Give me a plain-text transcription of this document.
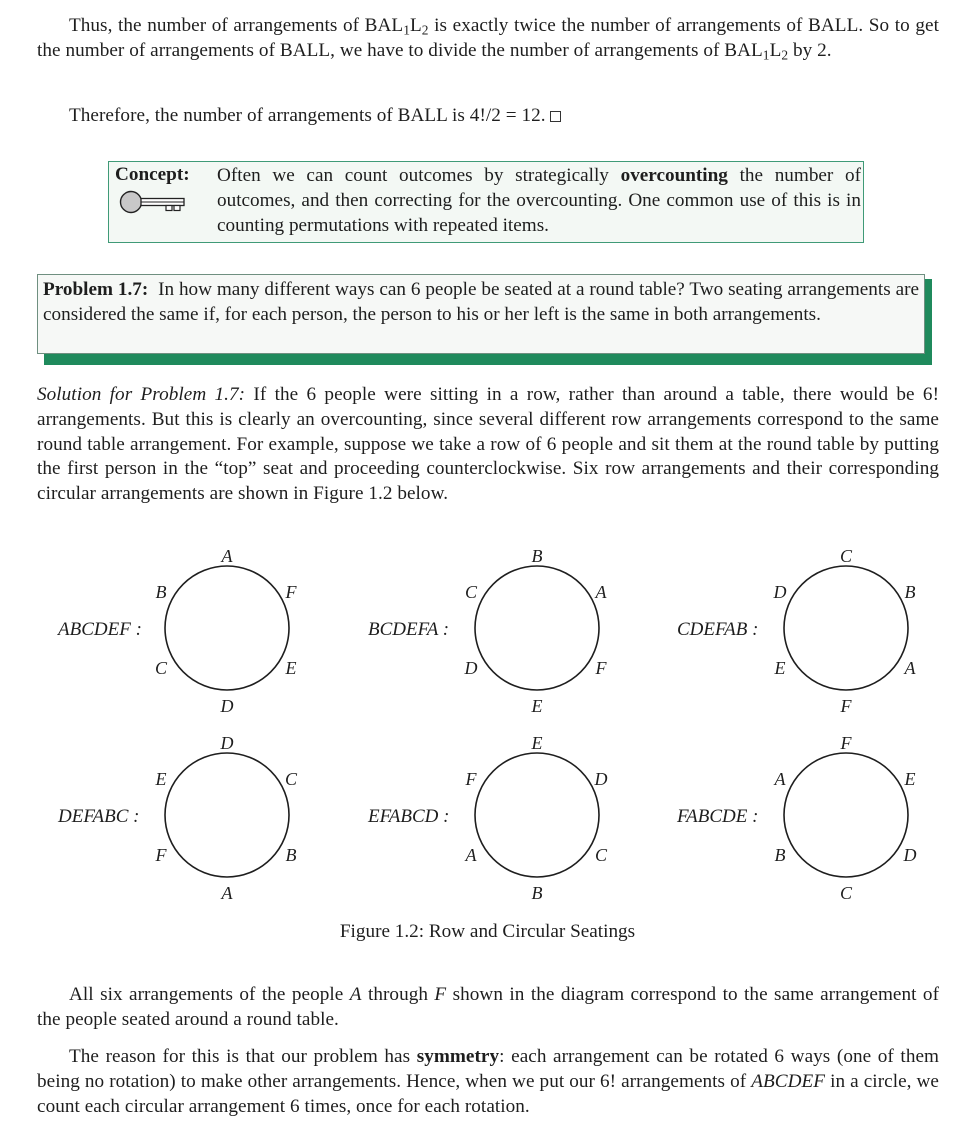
Thus, the number of arrangements of $BAL_1L_2$ is exactly twice the number of arrangements of BALL. So to get the number of arrangements of BALL, we have to divide the number of arrangements of $BAL_1L_2$ by 2.

Therefore, the number of arrangements of BALL is 4!/2 = 12.

Concept: Often we can count outcomes by strategically overcounting the number of outcomes, and then correcting for the overcounting. One common use of this is in counting permutations with repeated items.
Problem 1.7: In how many different ways can 6 people be seated at a round table? Two seating arrangements are considered the same if, for each person, the person to his or her left is the same in both arrangements.

Solution for Problem 1.7: If the 6 people were sitting in a row, rather than around a table, there would be 6! arrangements. But this is clearly an overcounting, since several different row arrangements correspond to the same round table arrangement. For example, suppose we take a row of 6 people and sit them at the round table by putting the first person in the “top” seat and proceeding counterclockwise. Six row arrangements and their corresponding circular arrangements are shown in Figure 1.2 below.

ABCDEF :
A
B
C
D
E
F
BCDEFA :
B
C
D
E
F
A
CDEFAB :
C
D
E
F
A
B
DEFABC :
D
E
F
A
B
C
EFABCD :
E
F
A
B
C
D
FABCDE :
F
A
B
C
D
E
Figure 1.2: Row and Circular Seatings

All six arrangements of the people A through F shown in the diagram correspond to the same arrangement of the people seated around a round table.

The reason for this is that our problem has symmetry: each arrangement can be rotated 6 ways (one of them being no rotation) to make other arrangements. Hence, when we put our 6! arrangements of ABCDEF in a circle, we count each circular arrangement 6 times, once for each rotation.
